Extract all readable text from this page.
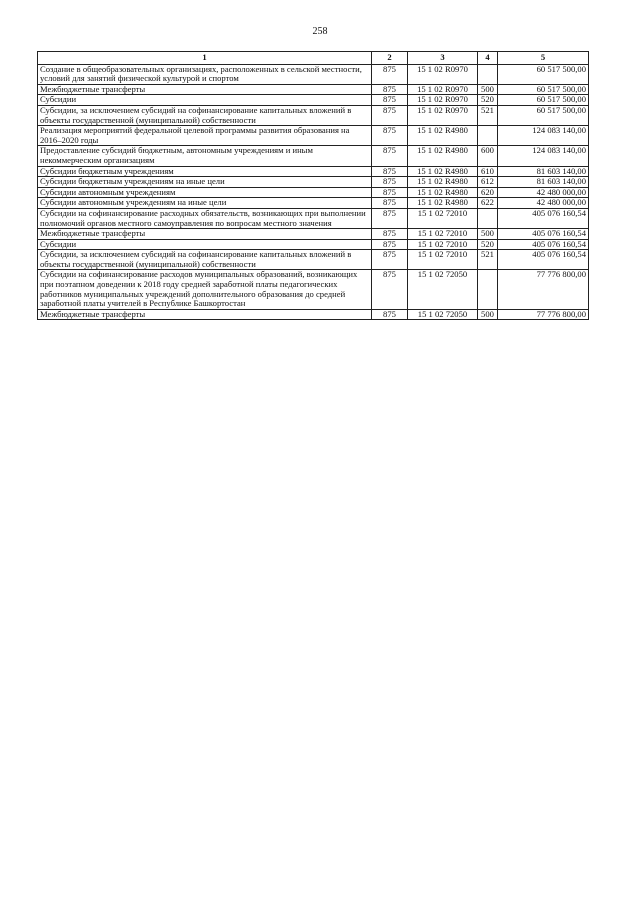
258
1	2	3	4	5
Создание в общеобразовательных организациях, расположенных в сельской местности, условий для занятий физической культурой и спортом	875	15 1 02 R0970		60 517 500,00
Межбюджетные трансферты	875	15 1 02 R0970	500	60 517 500,00
Субсидии	875	15 1 02 R0970	520	60 517 500,00
Субсидии, за исключением субсидий на софинансирование капитальных вложений в объекты государственной (муниципальной) собственности	875	15 1 02 R0970	521	60 517 500,00
Реализация мероприятий федеральной целевой программы развития образования на 2016–2020 годы	875	15 1 02 R4980		124 083 140,00
Предоставление субсидий бюджетным, автономным учреждениям и иным некоммерческим организациям	875	15 1 02 R4980	600	124 083 140,00
Субсидии бюджетным учреждениям	875	15 1 02 R4980	610	81 603 140,00
Субсидии бюджетным учреждениям на иные цели	875	15 1 02 R4980	612	81 603 140,00
Субсидии автономным учреждениям	875	15 1 02 R4980	620	42 480 000,00
Субсидии автономным учреждениям на иные цели	875	15 1 02 R4980	622	42 480 000,00
Субсидии на софинансирование расходных обязательств, возникающих при выполнении полномочий органов местного самоуправления по вопросам местного значения	875	15 1 02 72010		405 076 160,54
Межбюджетные трансферты	875	15 1 02 72010	500	405 076 160,54
Субсидии	875	15 1 02 72010	520	405 076 160,54
Субсидии, за исключением субсидий на софинансирование капитальных вложений в объекты государственной (муниципальной) собственности	875	15 1 02 72010	521	405 076 160,54
Субсидии на софинансирование расходов муниципальных образований, возникающих при поэтапном доведении к 2018 году средней заработной платы педагогических работников муниципальных учреждений дополнительного образования до средней заработной платы учителей в Республике Башкортостан	875	15 1 02 72050		77 776 800,00
Межбюджетные трансферты	875	15 1 02 72050	500	77 776 800,00
